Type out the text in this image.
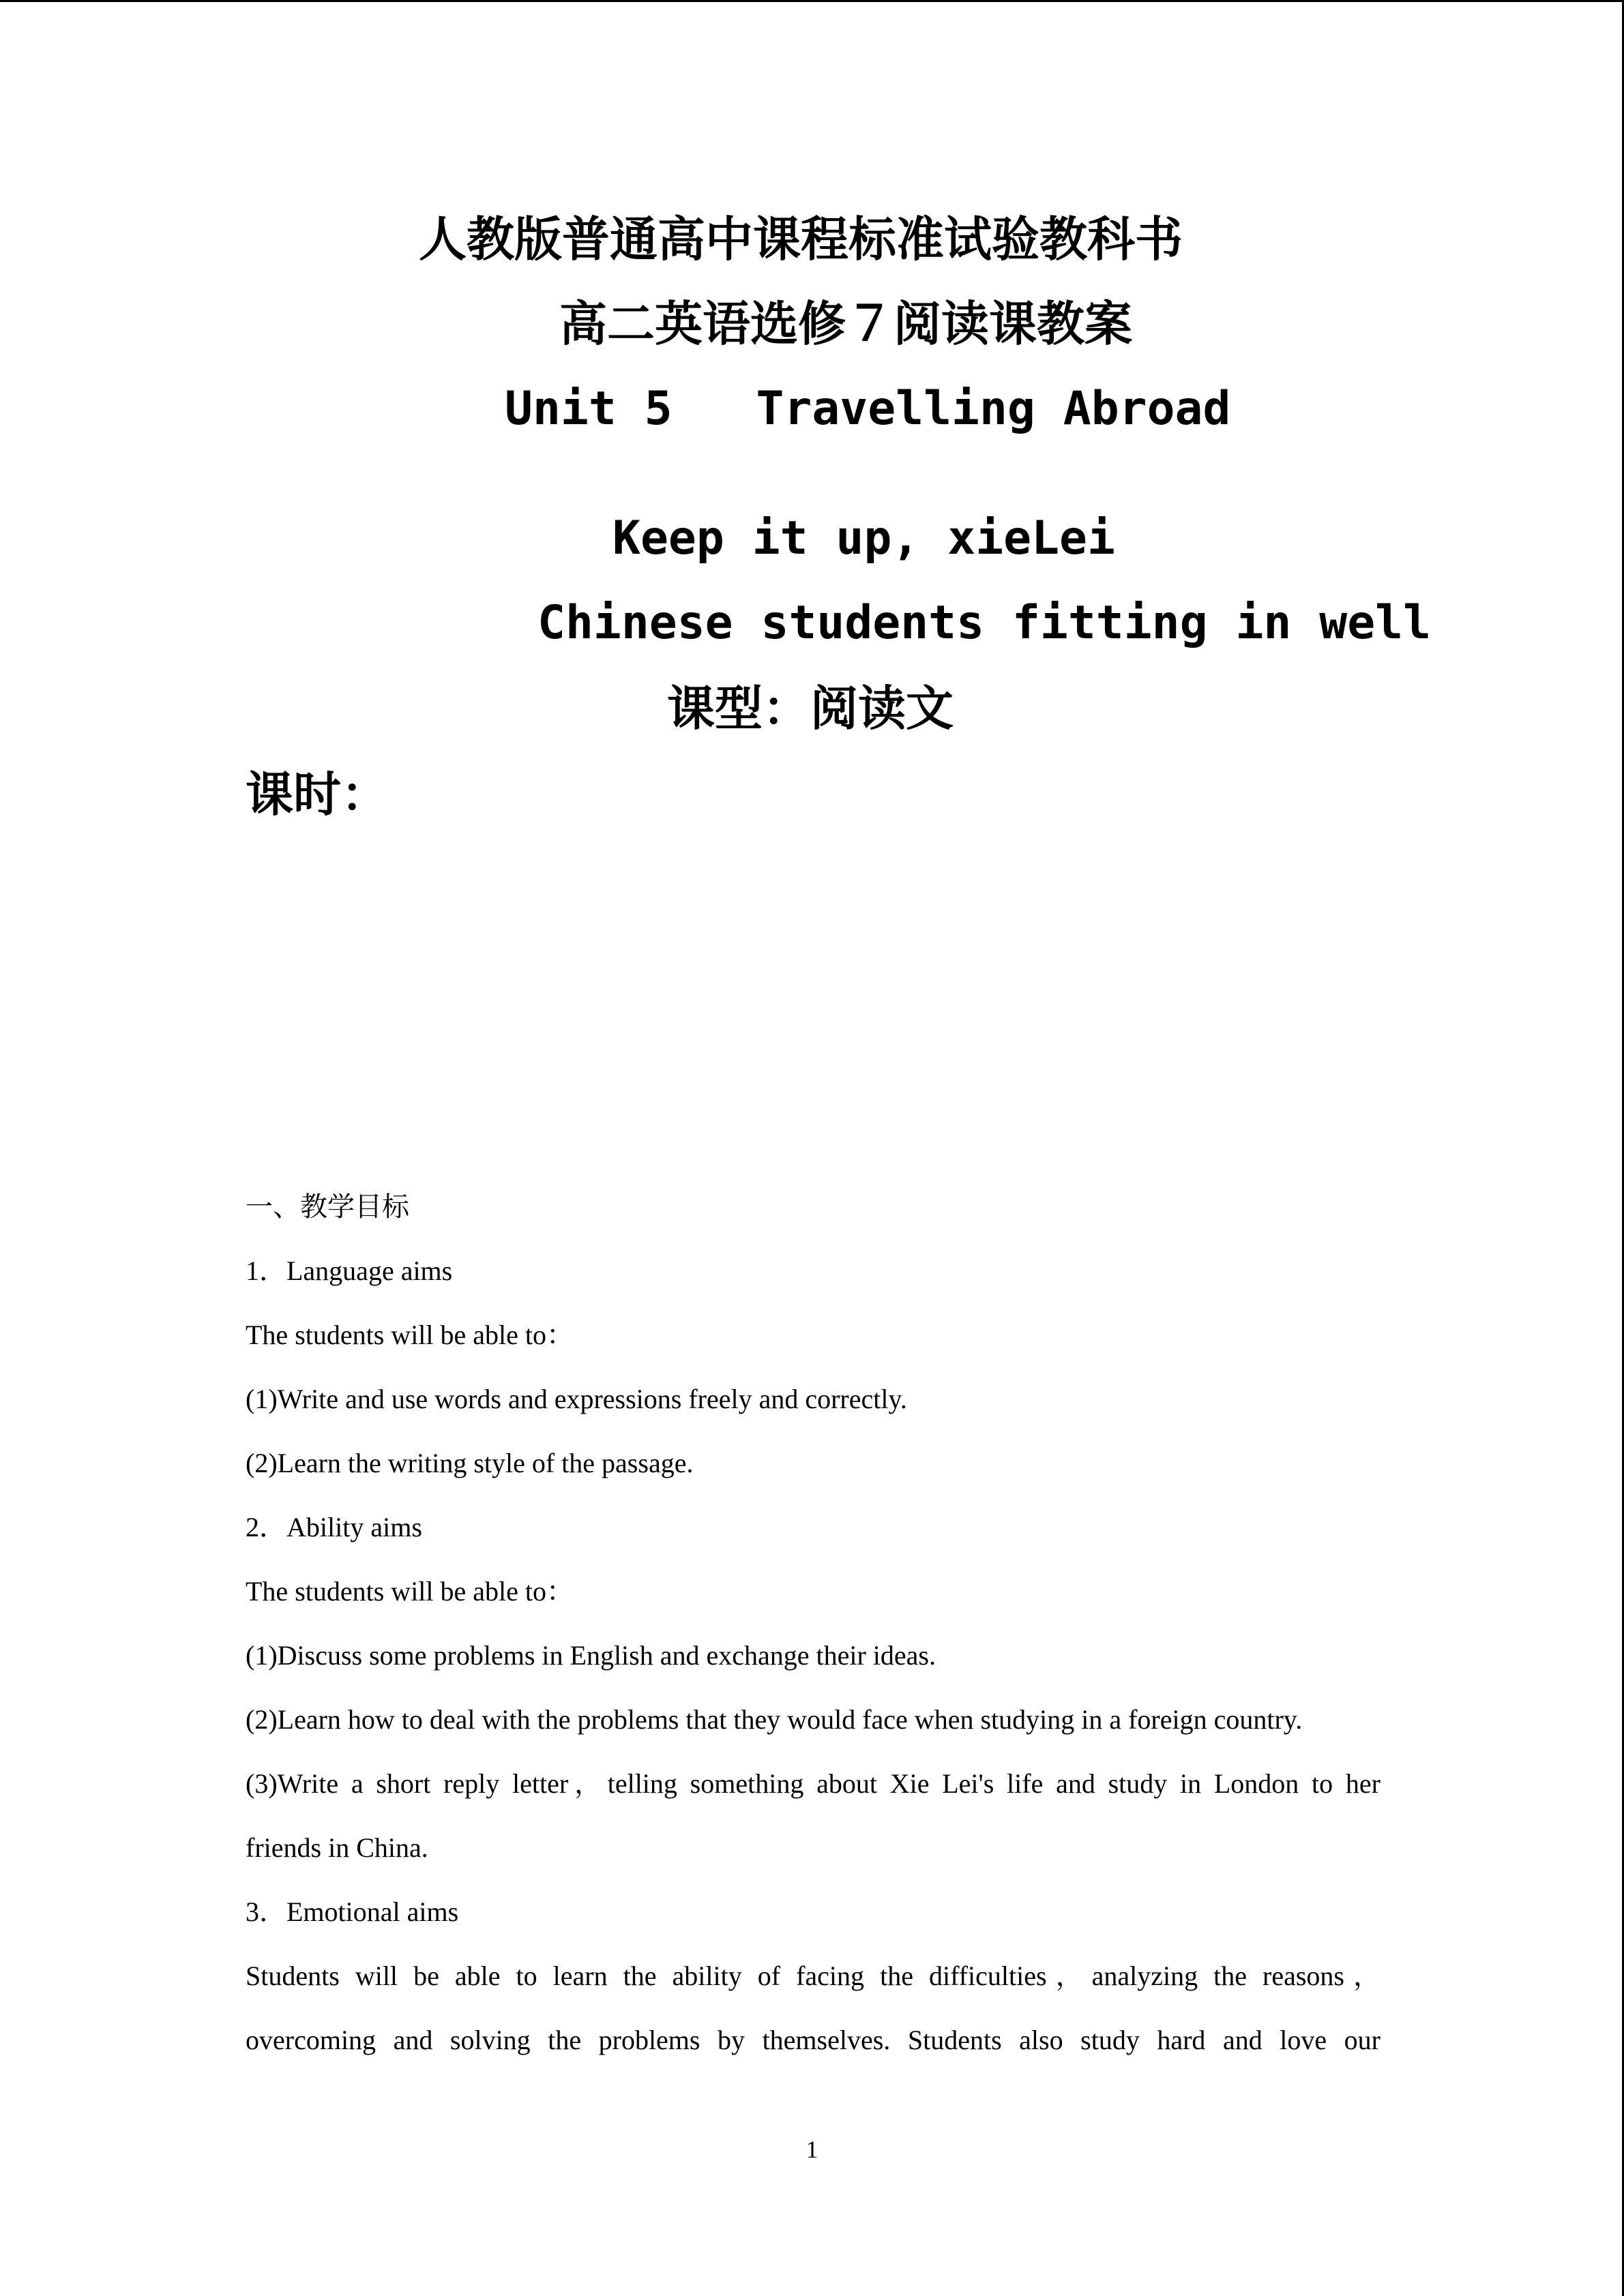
人教版普通高中课程标准试验教科书
高二英语选修７阅读课教案
Unit 5   Travelling Abroad
Keep it up, xieLei
Chinese students fitting in well
课型：阅读文
课时：
一、教学目标
1．Language aims
The students will be able to：
(1)Write and use words and expressions freely and correctly.
(2)Learn the writing style of the passage.
2．Ability aims
The students will be able to：
(1)Discuss some problems in English and exchange their ideas.
(2)Learn how to deal with the problems that they would face when studying in a foreign country.
(3)Write a short reply letter，telling something about Xie Lei's life and study in London to her
friends in China.
3．Emotional aims
Students will be able to learn the ability of facing the difficulties，analyzing the reasons，
overcoming and solving the problems by themselves. Students also study hard and love our
1
